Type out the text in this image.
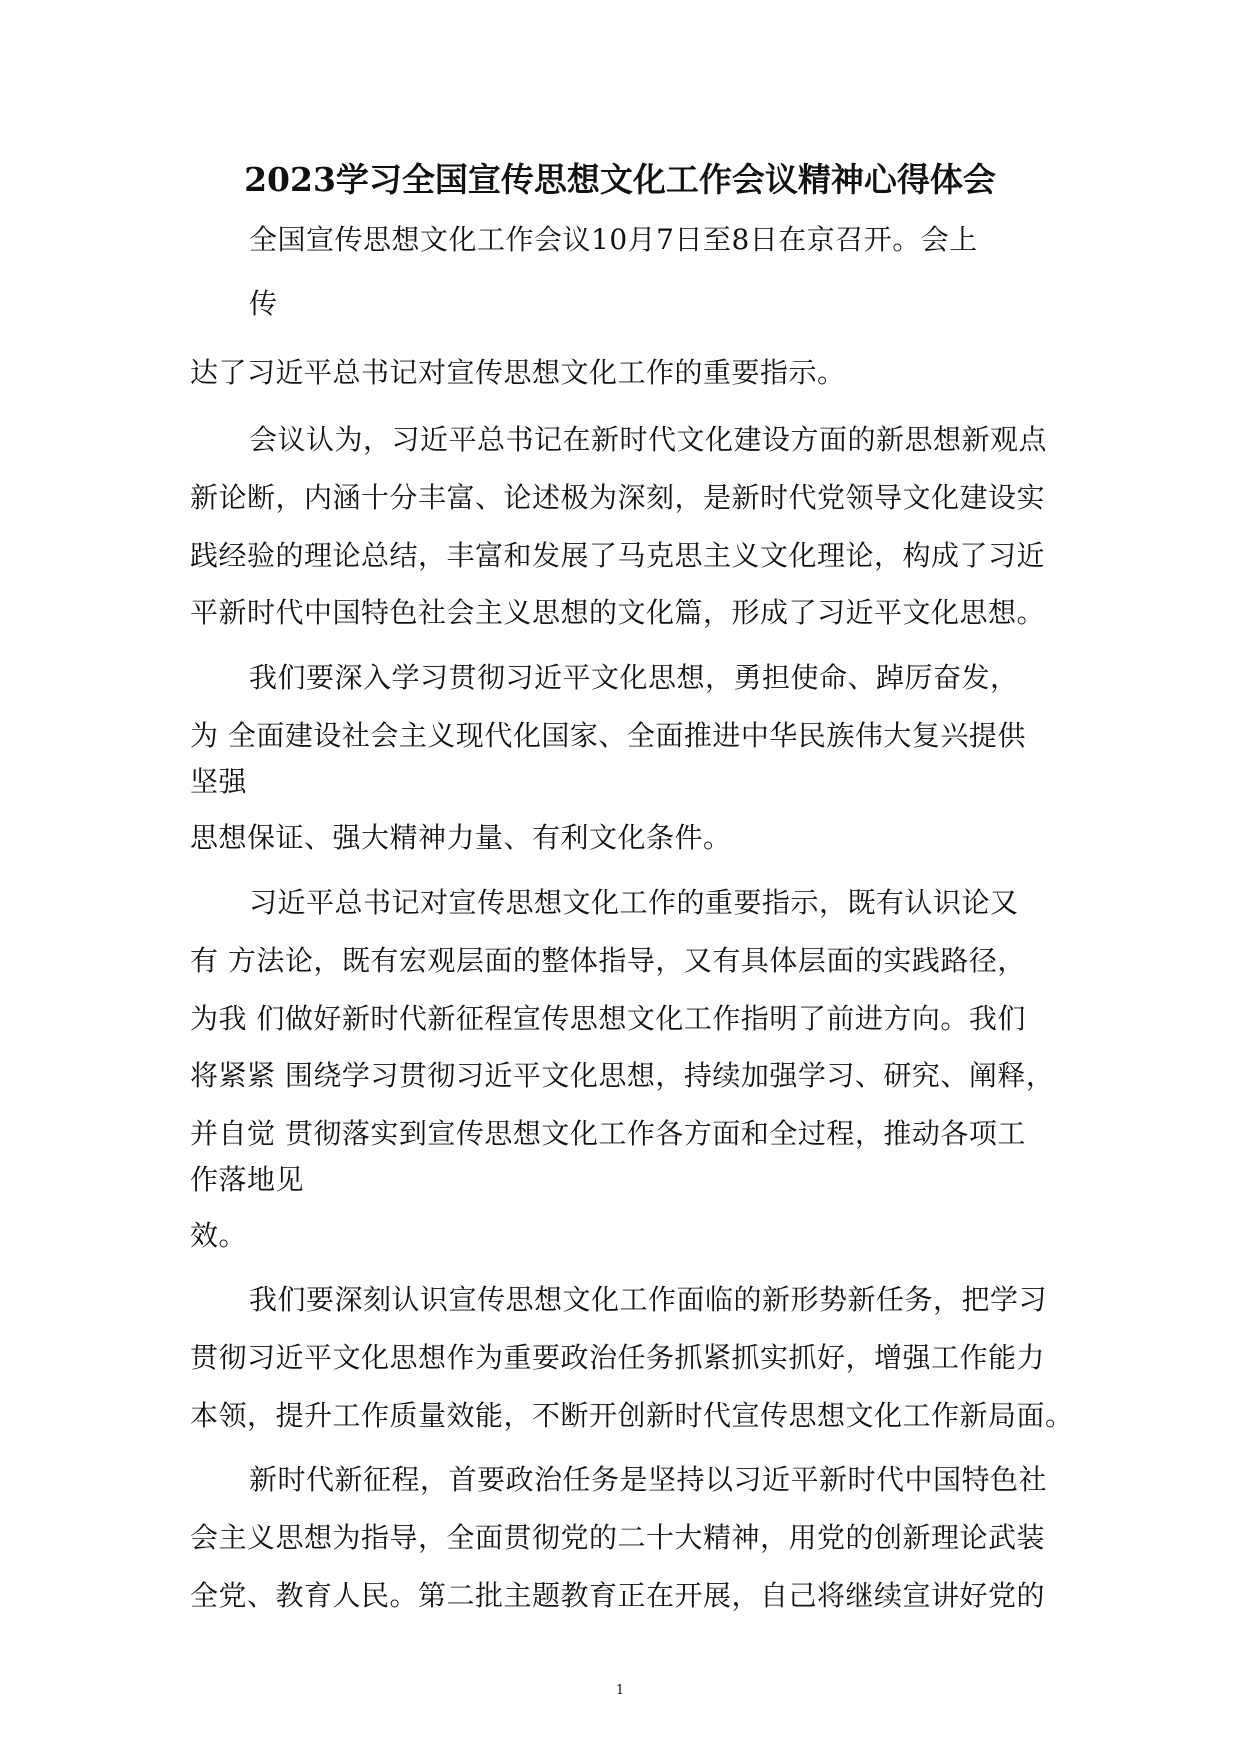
2023学习全国宣传思想文化工作会议精神心得体会
全国宣传思想文化工作会议10月7日至8日在京召开。会上
传
达了习近平总书记对宣传思想文化工作的重要指示。
会议认为，习近平总书记在新时代文化建设方面的新思想新观点
新论断，内涵十分丰富、论述极为深刻，是新时代党领导文化建设实
践经验的理论总结，丰富和发展了马克思主义文化理论，构成了习近
平新时代中国特色社会主义思想的文化篇，形成了习近平文化思想。
我们要深入学习贯彻习近平文化思想，勇担使命、踔厉奋发，
为 全面建设社会主义现代化国家、全面推进中华民族伟大复兴提供
坚强
思想保证、强大精神力量、有利文化条件。
习近平总书记对宣传思想文化工作的重要指示，既有认识论又
有 方法论，既有宏观层面的整体指导，又有具体层面的实践路径，
为我 们做好新时代新征程宣传思想文化工作指明了前进方向。我们
将紧紧 围绕学习贯彻习近平文化思想，持续加强学习、研究、阐释，
并自觉 贯彻落实到宣传思想文化工作各方面和全过程，推动各项工
作落地见
效。
我们要深刻认识宣传思想文化工作面临的新形势新任务，把学习
贯彻习近平文化思想作为重要政治任务抓紧抓实抓好，增强工作能力
本领，提升工作质量效能，不断开创新时代宣传思想文化工作新局面。
新时代新征程，首要政治任务是坚持以习近平新时代中国特色社
会主义思想为指导，全面贯彻党的二十大精神，用党的创新理论武装
全党、教育人民。第二批主题教育正在开展，自己将继续宣讲好党的
1
